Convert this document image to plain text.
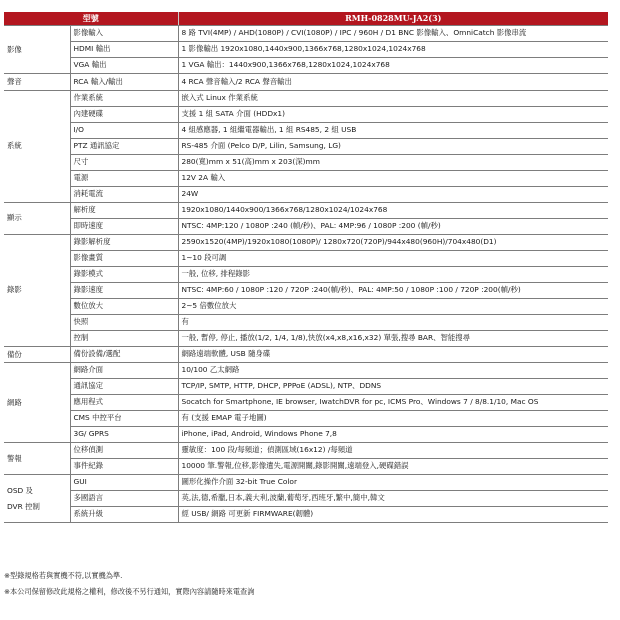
型號		RMH-0828MU-JA2(3)

影像	影像輸入	8 路 TVI(4MP) / AHD(1080P) / CVI(1080P) / IPC / 960H / D1 BNC 影像輸入、OmniCatch 影像串流
	HDMI 輸出	1 影像輸出 1920x1080,1440x900,1366x768,1280x1024,1024x768
	VGA 輸出	1 VGA 輸出：1440x900,1366x768,1280x1024,1024x768

聲音	RCA 輸入/輸出	4 RCA 聲音輸入/2 RCA 聲音輸出

系統	作業系統	嵌入式 Linux 作業系統
	內建硬碟	支援 1 組 SATA 介面 (HDDx1)
	I/O	4 組感應器, 1 組繼電器輸出, 1 組 RS485, 2 組 USB
	PTZ 通訊協定	RS-485 介面 (Pelco D/P, Lilin, Samsung, LG)
	尺寸	280(寬)mm x 51(高)mm x 203(深)mm
	電源	12V 2A 輸入
	消耗電流	24W

顯示	解析度	1920x1080/1440x900/1366x768/1280x1024/1024x768
	即時速度	NTSC: 4MP:120 / 1080P :240 (幀/秒)、PAL: 4MP:96 / 1080P :200 (幀/秒)

錄影	錄影解析度	2590x1520(4MP)/1920x1080(1080P)/ 1280x720(720P)/944x480(960H)/704x480(D1)
	影像畫質	1~10 段可調
	錄影模式	一般, 位移, 排程錄影
	錄影速度	NTSC: 4MP:60 / 1080P :120 / 720P :240(幀/秒)、PAL: 4MP:50 / 1080P :100 / 720P :200(幀/秒)
	數位放大	2~5 倍數位放大
	快照	有
	控制	一般, 暫停, 停止, 播放(1/2, 1/4, 1/8),快放(x4,x8,x16,x32) 單張,搜尋 BAR、智能搜尋

備份	備份設備/選配	網路遠端軟體, USB 隨身碟

網路	網路介面	10/100 乙太網路
	通訊協定	TCP/IP, SMTP, HTTP, DHCP, PPPoE (ADSL), NTP、DDNS
	應用程式	Socatch for Smartphone, IE browser, IwatchDVR for pc, ICMS Pro、Windows 7 / 8/8.1/10, Mac OS
	CMS 中控平台	有 (支援 EMAP 電子地圖)
	3G/ GPRS	iPhone, iPad, Android, Windows Phone 7,8

警報	位移偵測	靈敏度：100 段/每頻道；偵測區域(16x12) /每頻道
	事件紀錄	10000 筆.警報,位移,影像遺失,電源開關,錄影開關,遠端登入,硬碟錯誤

OSD 及
DVR 控制	GUI	圖形化操作介面 32-bit True Color
	多國語言	英,法,德,希臘,日本,義大利,波蘭,葡萄牙,西班牙,繁中,簡中,韓文
	系統升級	經 USB/ 網路 可更新 FIRMWARE(韌體)
※型錄規格若與實機不符,以實機為準.
※本公司保留修改此規格之權利，修改後不另行通知，實際內容請隨時來電查詢
